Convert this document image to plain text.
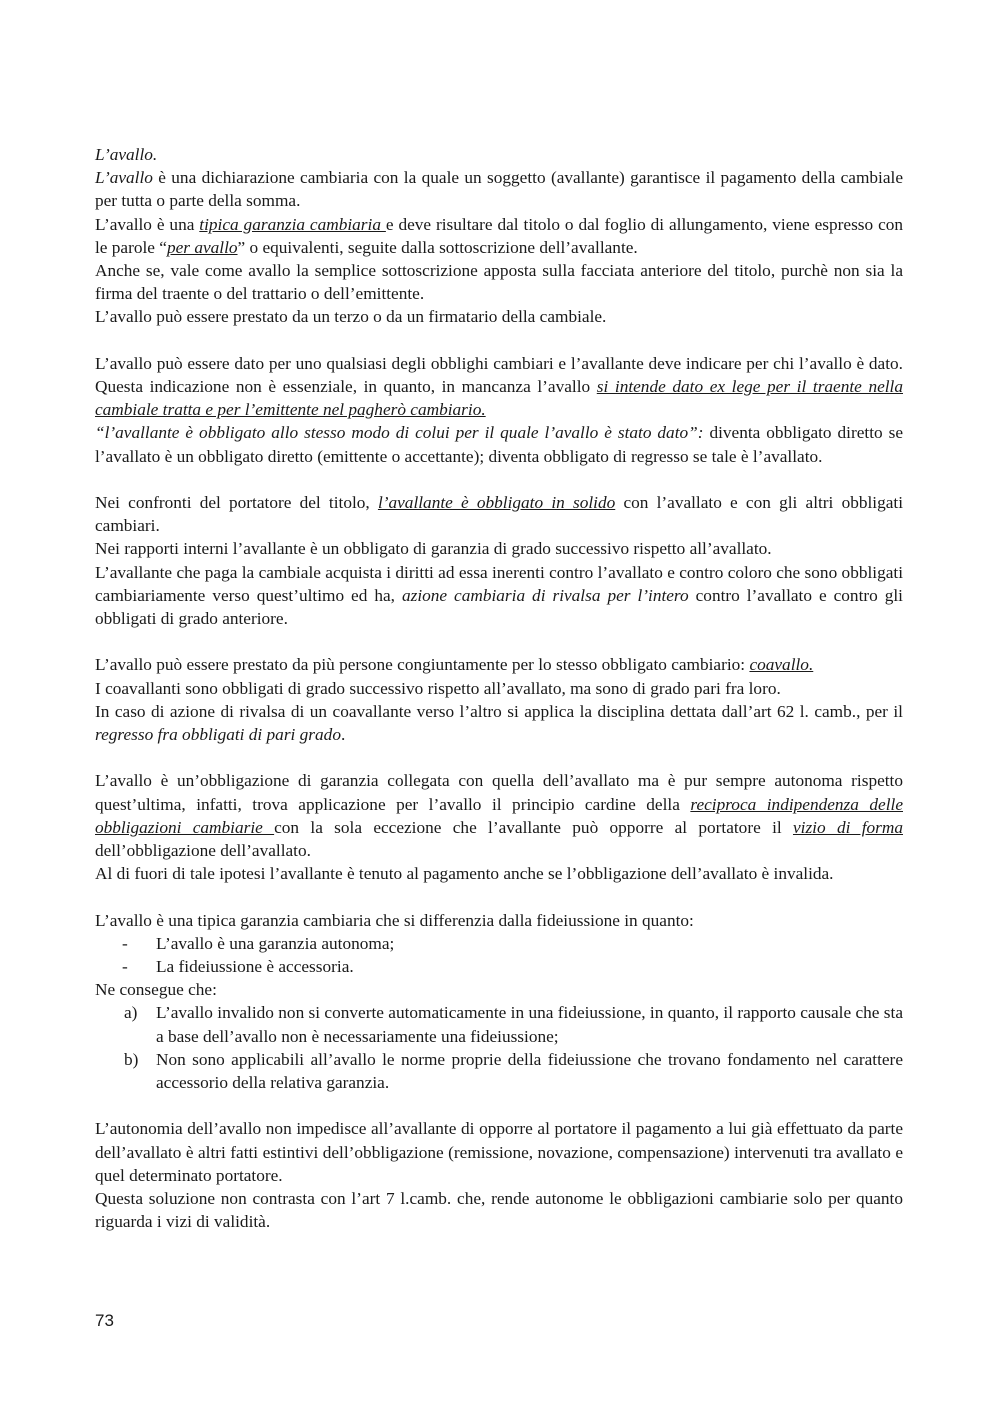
L’avallo.

L’avallo è una dichiarazione cambiaria con la quale un soggetto (avallante) garantisce il pagamento della cambiale per tutta o parte della somma.

L’avallo è una tipica garanzia cambiaria e deve risultare dal titolo o dal foglio di allungamento, viene espresso con le parole “per avallo” o equivalenti, seguite dalla sottoscrizione dell’avallante.

Anche se, vale come avallo la semplice sottoscrizione apposta sulla facciata anteriore del titolo, purchè non sia la firma del traente o del trattario o dell’emittente.

L’avallo può essere prestato da un terzo o da un firmatario della cambiale.

L’avallo può essere dato per uno qualsiasi degli obblighi cambiari e l’avallante deve indicare per chi l’avallo è dato. Questa indicazione non è essenziale, in quanto, in mancanza l’avallo si intende dato ex lege per il traente nella cambiale tratta e per l’emittente nel pagherò cambiario.

“l’avallante è obbligato allo stesso modo di colui per il quale l’avallo è stato dato”: diventa obbligato diretto se l’avallato è un obbligato diretto (emittente o accettante); diventa obbligato di regresso se tale è l’avallato.

Nei confronti del portatore del titolo, l’avallante è obbligato in solido con l’avallato e con gli altri obbligati cambiari.

Nei rapporti interni l’avallante è un obbligato di garanzia di grado successivo rispetto all’avallato.

L’avallante che paga la cambiale acquista i diritti ad essa inerenti contro l’avallato e contro coloro che sono obbligati cambiariamente verso quest’ultimo ed ha, azione cambiaria di rivalsa per l’intero contro l’avallato e contro gli obbligati di grado anteriore.

L’avallo può essere prestato da più persone congiuntamente per lo stesso obbligato cambiario: coavallo.

I coavallanti sono obbligati di grado successivo rispetto all’avallato, ma sono di grado pari fra loro.

In caso di azione di rivalsa di un coavallante verso l’altro si applica la disciplina dettata dall’art 62 l. camb., per il regresso fra obbligati di pari grado.

L’avallo è un’obbligazione di garanzia collegata con quella dell’avallato ma è pur sempre autonoma rispetto quest’ultima, infatti, trova applicazione per l’avallo il principio cardine della reciproca indipendenza delle obbligazioni cambiarie con la sola eccezione che l’avallante può opporre al portatore il vizio di forma dell’obbligazione dell’avallato.

Al di fuori di tale ipotesi l’avallante è tenuto al pagamento anche se l’obbligazione dell’avallato è invalida.

L’avallo è una tipica garanzia cambiaria che si differenzia dalla fideiussione in quanto:

- L’avallo è una garanzia autonoma;
- La fideiussione è accessoria.

Ne consegue che:

a) L’avallo invalido non si converte automaticamente in una fideiussione, in quanto, il rapporto causale che sta a base dell’avallo non è necessariamente una fideiussione;
b) Non sono applicabili all’avallo le norme proprie della fideiussione che trovano fondamento nel carattere accessorio della relativa garanzia.

L’autonomia dell’avallo non impedisce all’avallante di opporre al portatore il pagamento a lui già effettuato da parte dell’avallato è altri fatti estintivi dell’obbligazione (remissione, novazione, compensazione) intervenuti tra avallato e quel determinato portatore.

Questa soluzione non contrasta con l’art 7 l.camb. che, rende autonome le obbligazioni cambiarie solo per quanto riguarda i vizi di validità.

73
